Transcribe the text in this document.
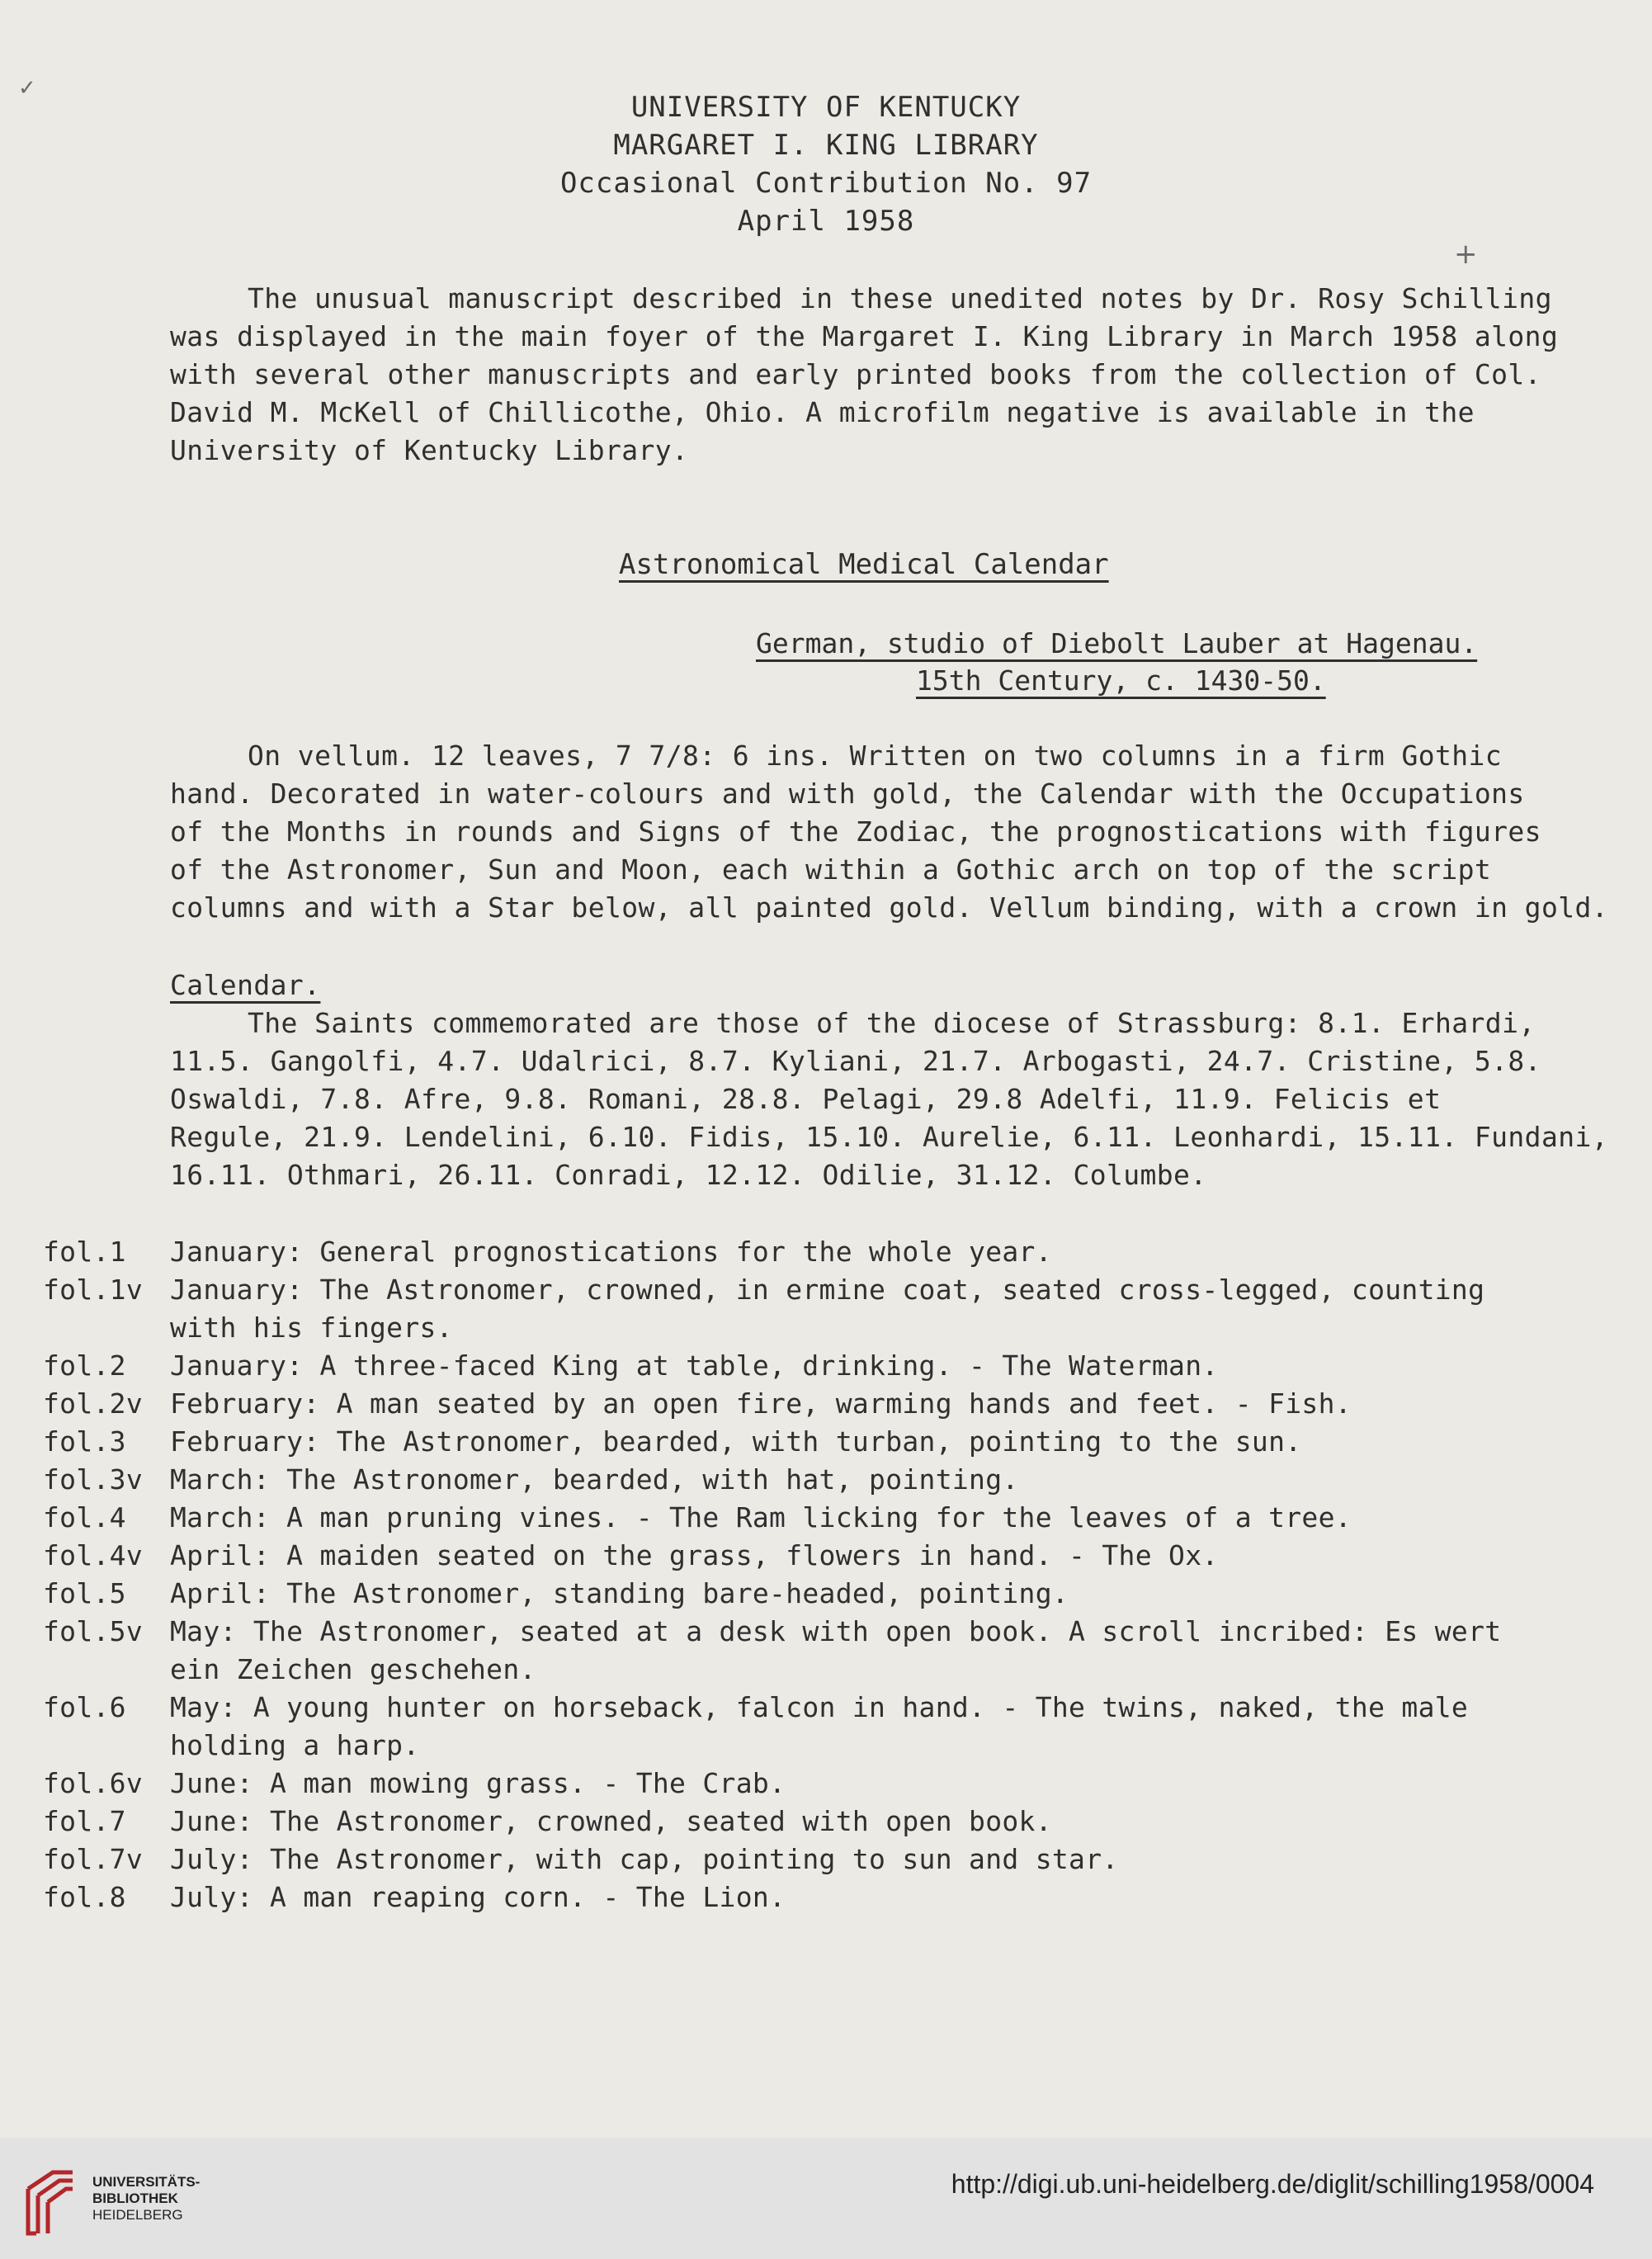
✓
+
UNIVERSITY OF KENTUCKY
MARGARET I. KING LIBRARY
Occasional Contribution No. 97
April 1958
The unusual manuscript described in these unedited notes by Dr. Rosy Schilling
was displayed in the main foyer of the Margaret I. King Library in March 1958 along
with several other manuscripts and early printed books from the collection of Col.
David M. McKell of Chillicothe, Ohio. A microfilm negative is available in the
University of Kentucky Library.
Astronomical Medical Calendar
German, studio of Diebolt Lauber at Hagenau.
15th Century, c. 1430-50.
On vellum. 12 leaves, 7 7/8: 6 ins. Written on two columns in a firm Gothic
hand. Decorated in water-colours and with gold, the Calendar with the Occupations
of the Months in rounds and Signs of the Zodiac, the prognostications with figures
of the Astronomer, Sun and Moon, each within a Gothic arch on top of the script
columns and with a Star below, all painted gold. Vellum binding, with a crown in gold.
Calendar.
The Saints commemorated are those of the diocese of Strassburg: 8.1. Erhardi,
11.5. Gangolfi, 4.7. Udalrici, 8.7. Kyliani, 21.7. Arbogasti, 24.7. Cristine, 5.8.
Oswaldi, 7.8. Afre, 9.8. Romani, 28.8. Pelagi, 29.8 Adelfi, 11.9. Felicis et
Regule, 21.9. Lendelini, 6.10. Fidis, 15.10. Aurelie, 6.11. Leonhardi, 15.11. Fundani,
16.11. Othmari, 26.11. Conradi, 12.12. Odilie, 31.12. Columbe.
fol.1 January: General prognostications for the whole year.
fol.1v January: The Astronomer, crowned, in ermine coat, seated cross-legged, counting
with his fingers.
fol.2 January: A three-faced King at table, drinking. - The Waterman.
fol.2v February: A man seated by an open fire, warming hands and feet. - Fish.
fol.3 February: The Astronomer, bearded, with turban, pointing to the sun.
fol.3v March: The Astronomer, bearded, with hat, pointing.
fol.4 March: A man pruning vines. - The Ram licking for the leaves of a tree.
fol.4v April: A maiden seated on the grass, flowers in hand. - The Ox.
fol.5 April: The Astronomer, standing bare-headed, pointing.
fol.5v May: The Astronomer, seated at a desk with open book. A scroll incribed: Es wert
ein Zeichen geschehen.
fol.6 May: A young hunter on horseback, falcon in hand. - The twins, naked, the male
holding a harp.
fol.6v June: A man mowing grass. - The Crab.
fol.7 June: The Astronomer, crowned, seated with open book.
fol.7v July: The Astronomer, with cap, pointing to sun and star.
fol.8 July: A man reaping corn. - The Lion.
UNIVERSITÄTS-
BIBLIOTHEK
HEIDELBERG
http://digi.ub.uni-heidelberg.de/diglit/schilling1958/0004
